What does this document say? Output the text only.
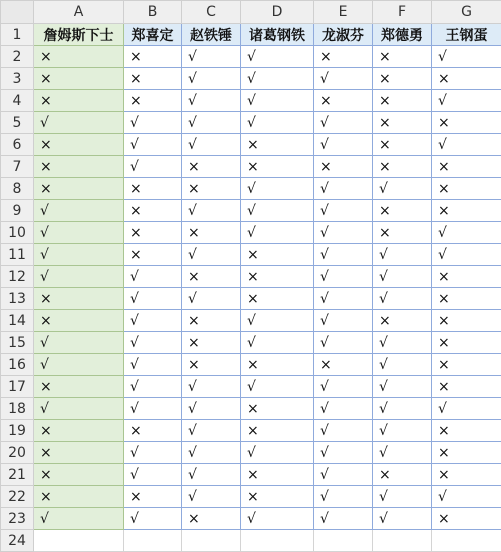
	A	B	C	D	E	F	G
1	詹姆斯下士	郑喜定	赵铁锤	诸葛钢铁	龙淑芬	郑德勇	王钢蛋
2	×	×	√	√	×	×	√
3	×	×	√	√	√	×	×
4	×	×	√	√	×	×	√
5	√	√	√	√	√	×	×
6	×	√	√	×	√	×	√
7	×	√	×	×	×	×	×
8	×	×	×	√	√	√	×
9	√	×	√	√	√	×	×
10	√	×	×	√	√	×	√
11	√	×	√	×	√	√	√
12	√	√	×	×	√	√	×
13	×	√	√	×	√	√	×
14	×	√	×	√	√	×	×
15	√	√	×	√	√	√	×
16	√	√	×	×	×	√	×
17	×	√	√	√	√	√	×
18	√	√	√	×	√	√	√
19	×	×	√	×	√	√	×
20	×	√	√	√	√	√	×
21	×	√	√	×	√	×	×
22	×	×	√	×	√	√	√
23	√	√	×	√	√	√	×
24							
